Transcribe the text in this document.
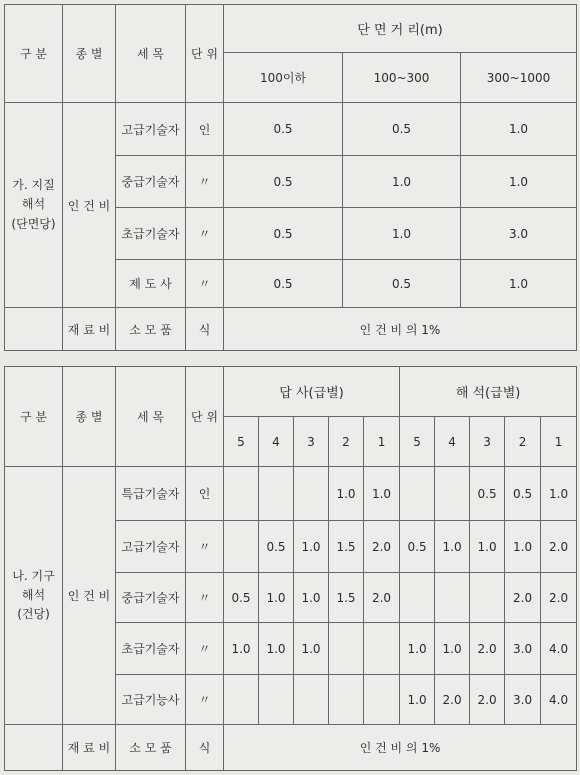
구 분	종 별	세 목	단 위	단 면 거 리(m)		
				100이하	100~300	300~1000
가. 지질
해석
(단면당)	인 건 비	고급기술자	인	0.5	0.5	1.0
		중급기술자	〃	0.5	1.0	1.0
		초급기술자	〃	0.5	1.0	3.0
		제 도 사	〃	0.5	0.5	1.0
	재 료 비	소 모 품	식	인 건 비 의 1%		
구 분	종 별	세 목	단 위	답 사(급별)					해 석(급별)				
				5	4	3	2	1	5	4	3	2	1
나. 기구
해석
(건당)	인 건 비	특급기술자	인				1.0	1.0			0.5	0.5	1.0
		고급기술자	〃		0.5	1.0	1.5	2.0	0.5	1.0	1.0	1.0	2.0
		중급기술자	〃	0.5	1.0	1.0	1.5	2.0				2.0	2.0
		초급기술자	〃	1.0	1.0	1.0			1.0	1.0	2.0	3.0	4.0
		고급기능사	〃						1.0	2.0	2.0	3.0	4.0
	재 료 비	소 모 품	식	인 건 비 의 1%									
